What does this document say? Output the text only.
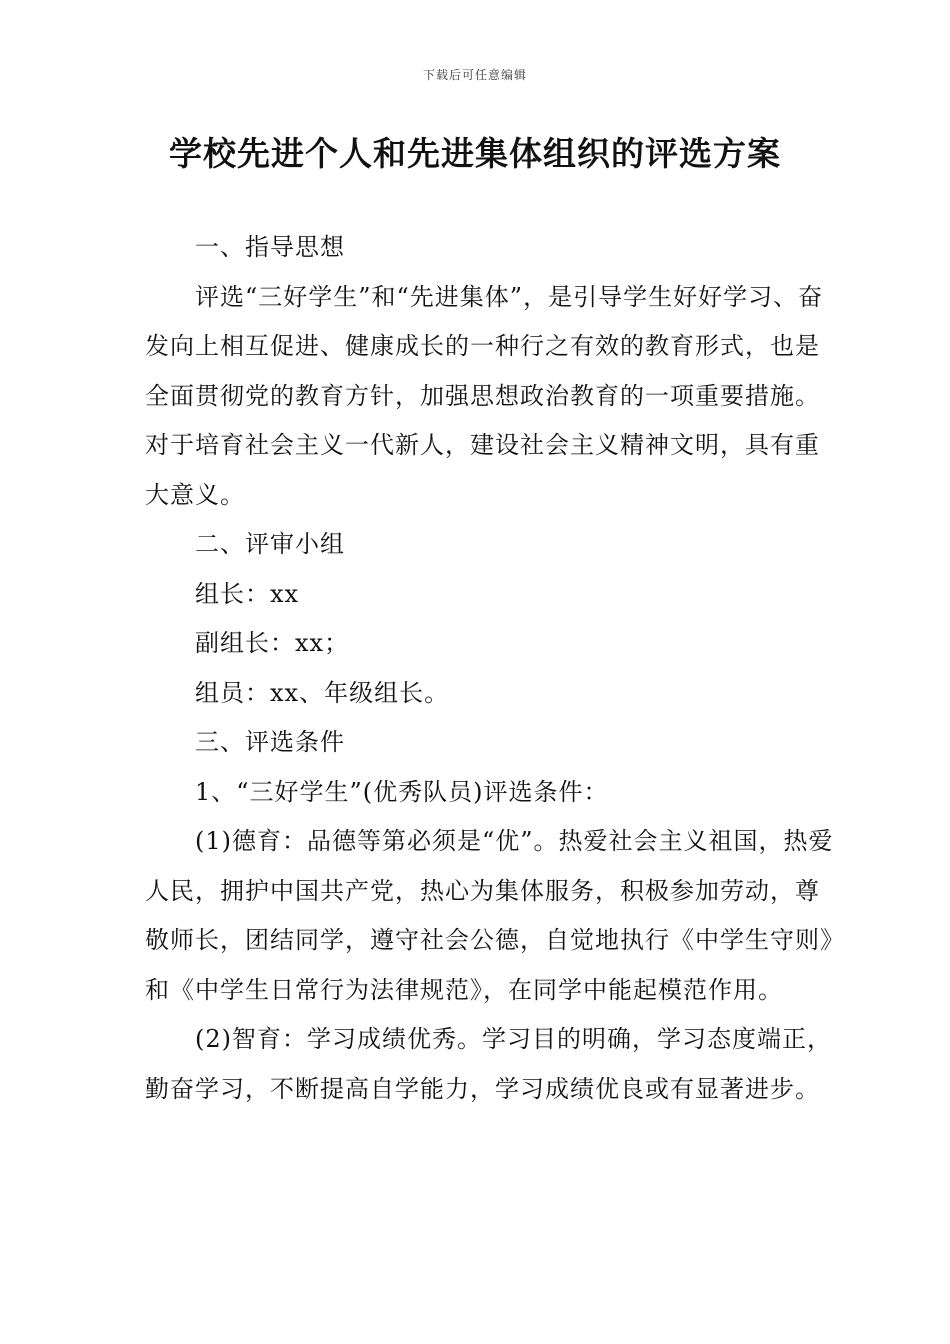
下载后可任意编辑
学校先进个人和先进集体组织的评选方案

一、指导思想

评选“三好学生”和“先进集体”，是引导学生好好学习、奋发向上相互促进、健康成长的一种行之有效的教育形式，也是全面贯彻党的教育方针，加强思想政治教育的一项重要措施。对于培育社会主义一代新人，建设社会主义精神文明，具有重大意义。

二、评审小组

组长：xx

副组长：xx；

组员：xx、年级组长。

三、评选条件

1、“三好学生”(优秀队员)评选条件：

(1)德育：品德等第必须是“优”。热爱社会主义祖国，热爱人民，拥护中国共产党，热心为集体服务，积极参加劳动，尊敬师长，团结同学，遵守社会公德，自觉地执行《中学生守则》和《中学生日常行为法律规范》，在同学中能起模范作用。

(2)智育：学习成绩优秀。学习目的明确，学习态度端正，勤奋学习，不断提高自学能力，学习成绩优良或有显著进步。
